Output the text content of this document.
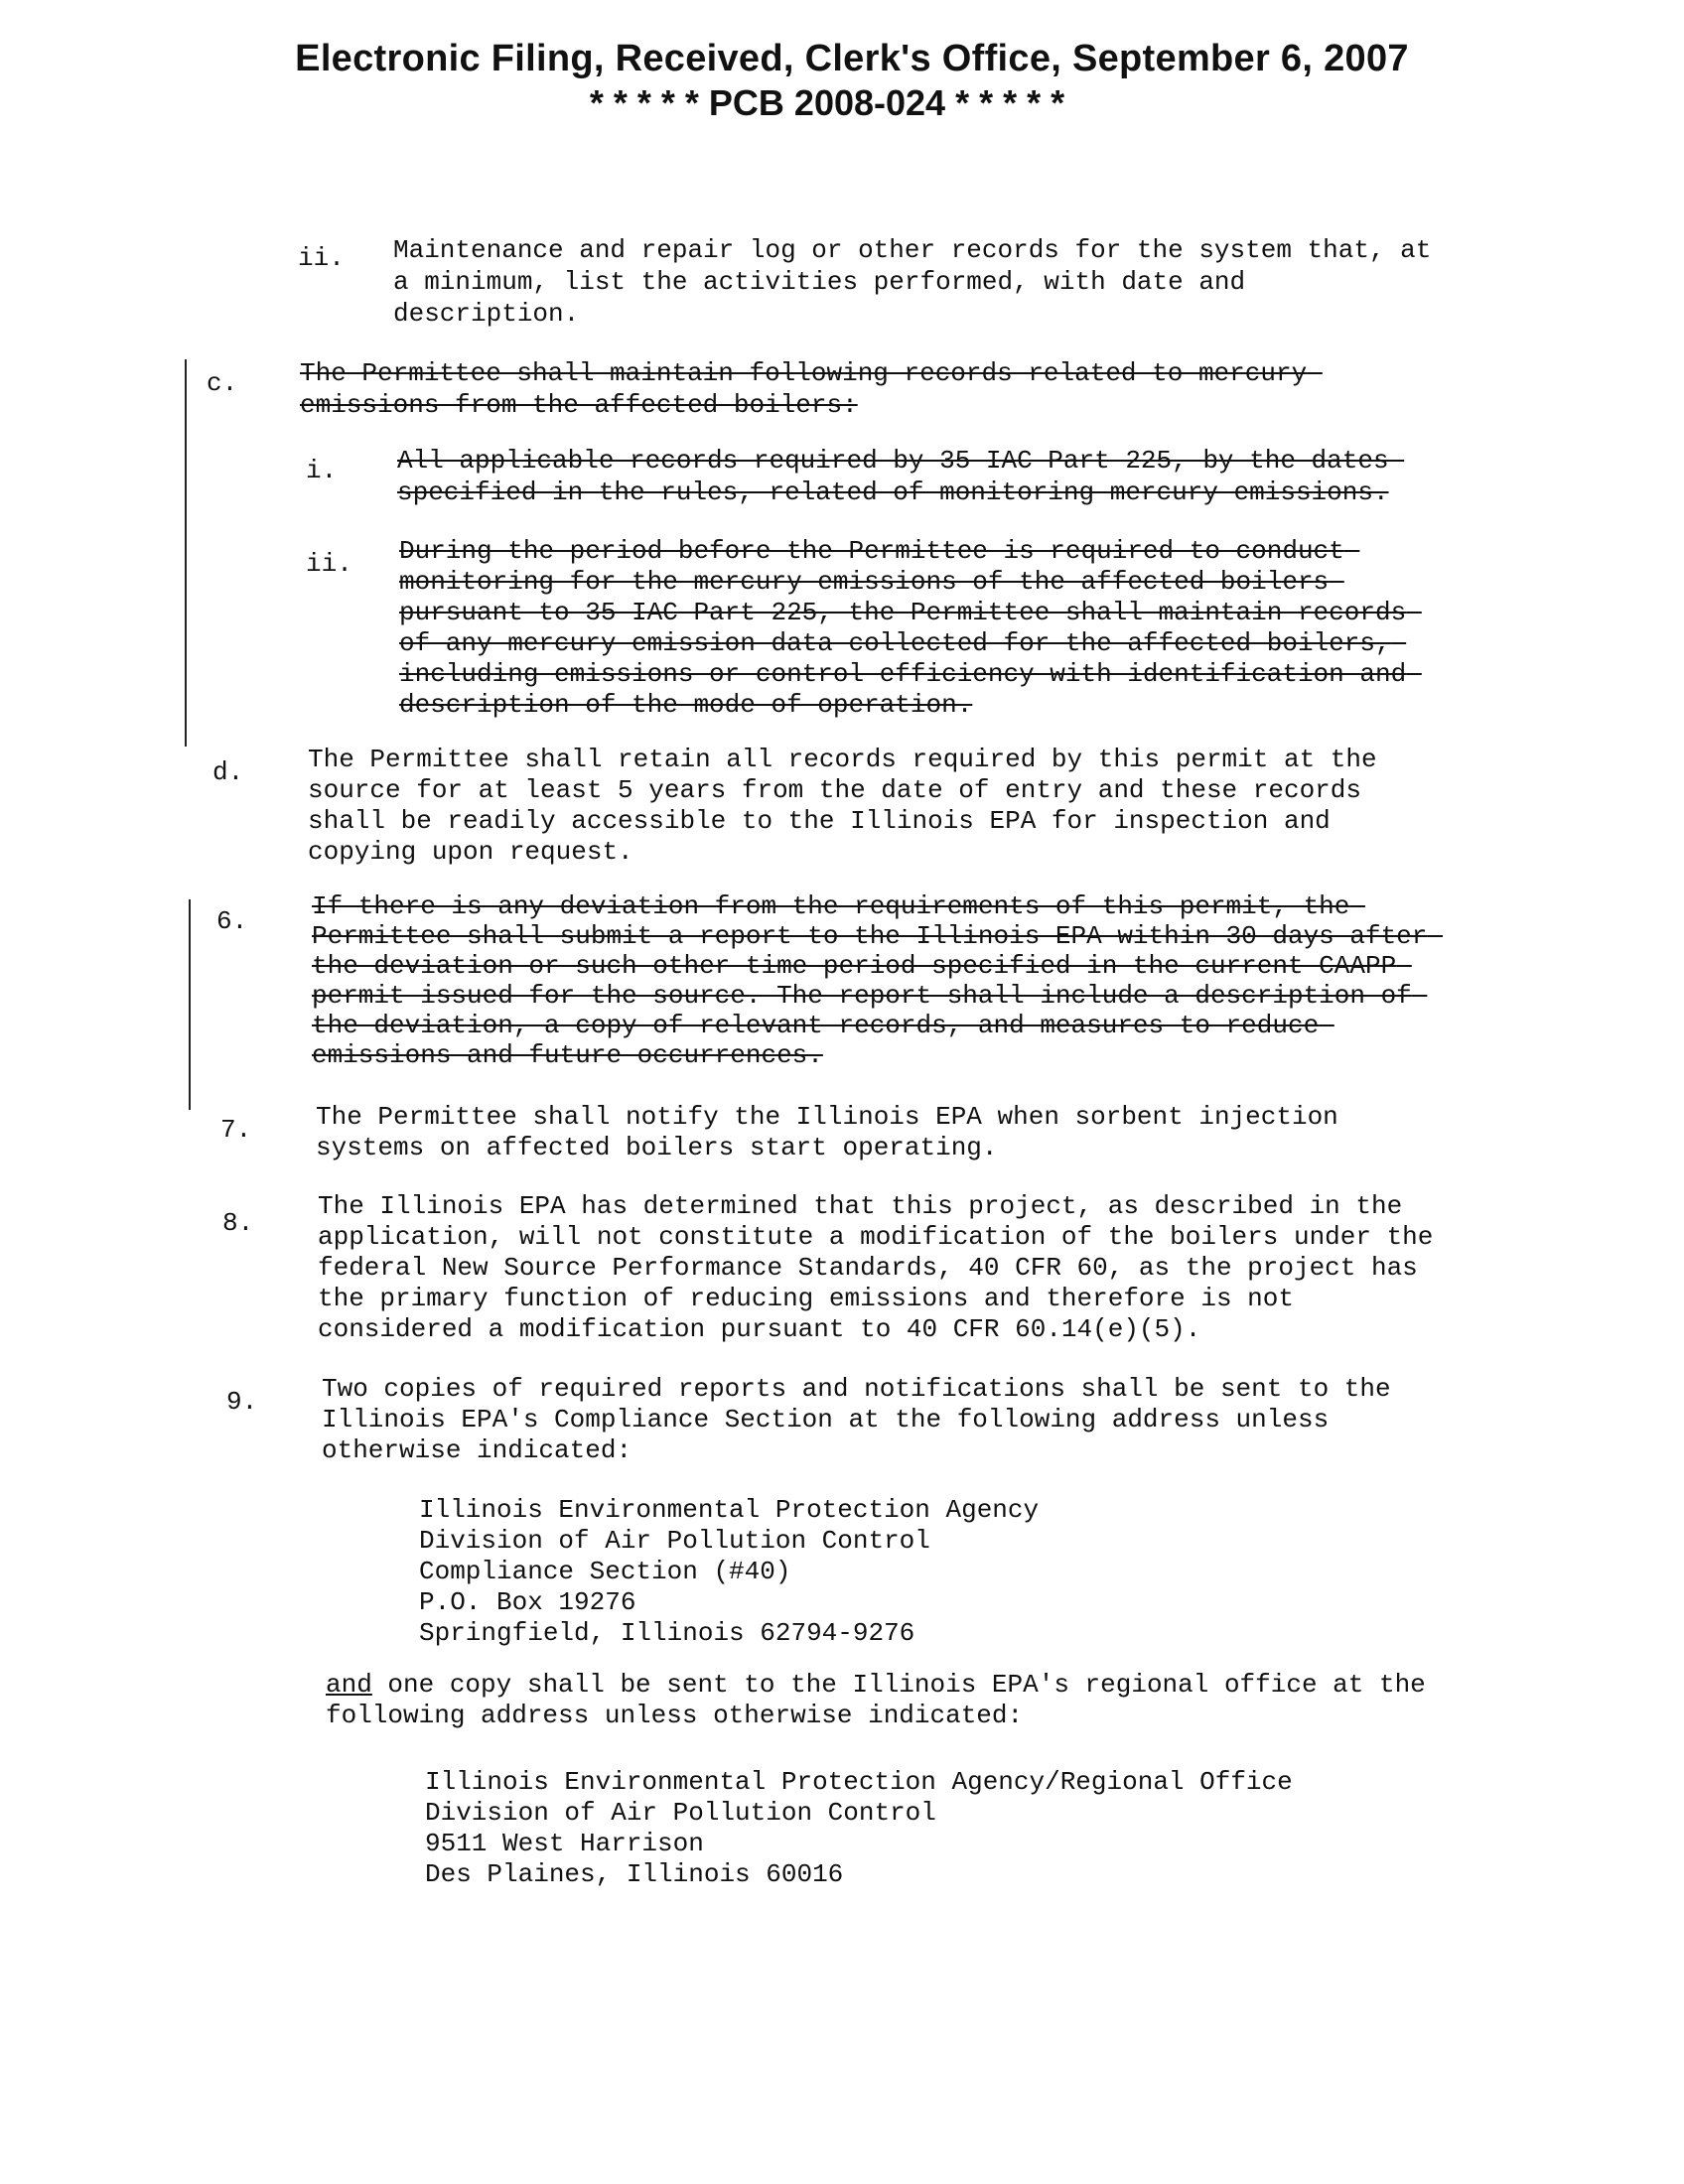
Electronic Filing, Received, Clerk's Office, September 6, 2007
* * * * * PCB 2008-024 * * * * *
ii. Maintenance and repair log or other records for the system that, at a minimum, list the activities performed, with date and description.
c. The Permittee shall maintain following records related to mercury emissions from the affected boilers:
i. All applicable records required by 35 IAC Part 225, by the dates specified in the rules, related of monitoring mercury emissions.
ii. During the period before the Permittee is required to conduct monitoring for the mercury emissions of the affected boilers pursuant to 35 IAC Part 225, the Permittee shall maintain records of any mercury emission data collected for the affected boilers, including emissions or control efficiency with identification and description of the mode of operation.
d. The Permittee shall retain all records required by this permit at the source for at least 5 years from the date of entry and these records shall be readily accessible to the Illinois EPA for inspection and copying upon request.
6. If there is any deviation from the requirements of this permit, the Permittee shall submit a report to the Illinois EPA within 30 days after the deviation or such other time period specified in the current CAAPP permit issued for the source. The report shall include a description of the deviation, a copy of relevant records, and measures to reduce emissions and future occurrences.
7. The Permittee shall notify the Illinois EPA when sorbent injection systems on affected boilers start operating.
8.
The Illinois EPA has determined that this project, as described in the application, will not constitute a modification of the boilers under the federal New Source Performance Standards, 40 CFR 60, as the project has the primary function of reducing emissions and therefore is not considered a modification pursuant to 40 CFR 60.14(e)(5).
9. Two copies of required reports and notifications shall be sent to the Illinois EPA's Compliance Section at the following address unless otherwise indicated:
Illinois Environmental Protection Agency
Division of Air Pollution Control
Compliance Section (#40)
P.O. Box 19276
Springfield, Illinois 62794-9276
and one copy shall be sent to the Illinois EPA's regional office at the following address unless otherwise indicated:
Illinois Environmental Protection Agency/Regional Office
Division of Air Pollution Control
9511 West Harrison
Des Plaines, Illinois 60016
